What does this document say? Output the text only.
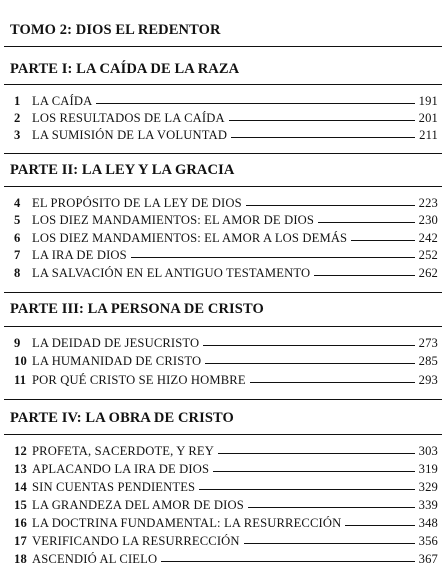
TOMO 2: DIOS EL REDENTOR
PARTE I: LA CAÍDA DE LA RAZA
1 LA CAÍDA	191
2 LOS RESULTADOS DE LA CAÍDA	201
3 LA SUMISIÓN DE LA VOLUNTAD	211
PARTE II: LA LEY Y LA GRACIA
4 EL PROPÓSITO DE LA LEY DE DIOS	223
5 LOS DIEZ MANDAMIENTOS: EL AMOR DE DIOS	230
6 LOS DIEZ MANDAMIENTOS: EL AMOR A LOS DEMÁS	242
7 LA IRA DE DIOS	252
8 LA SALVACIÓN EN EL ANTIGUO TESTAMENTO	262
PARTE III: LA PERSONA DE CRISTO
9 LA DEIDAD DE JESUCRISTO	273
10 LA HUMANIDAD DE CRISTO	285
11 POR QUÉ CRISTO SE HIZO HOMBRE	293
PARTE IV: LA OBRA DE CRISTO
12 PROFETA, SACERDOTE, Y REY	303
13 APLACANDO LA IRA DE DIOS	319
14 SIN CUENTAS PENDIENTES	329
15 LA GRANDEZA DEL AMOR DE DIOS	339
16 LA DOCTRINA FUNDAMENTAL: LA RESURRECCIÓN	348
17 VERIFICANDO LA RESURRECCIÓN	356
18 ASCENDIÓ AL CIELO	367
